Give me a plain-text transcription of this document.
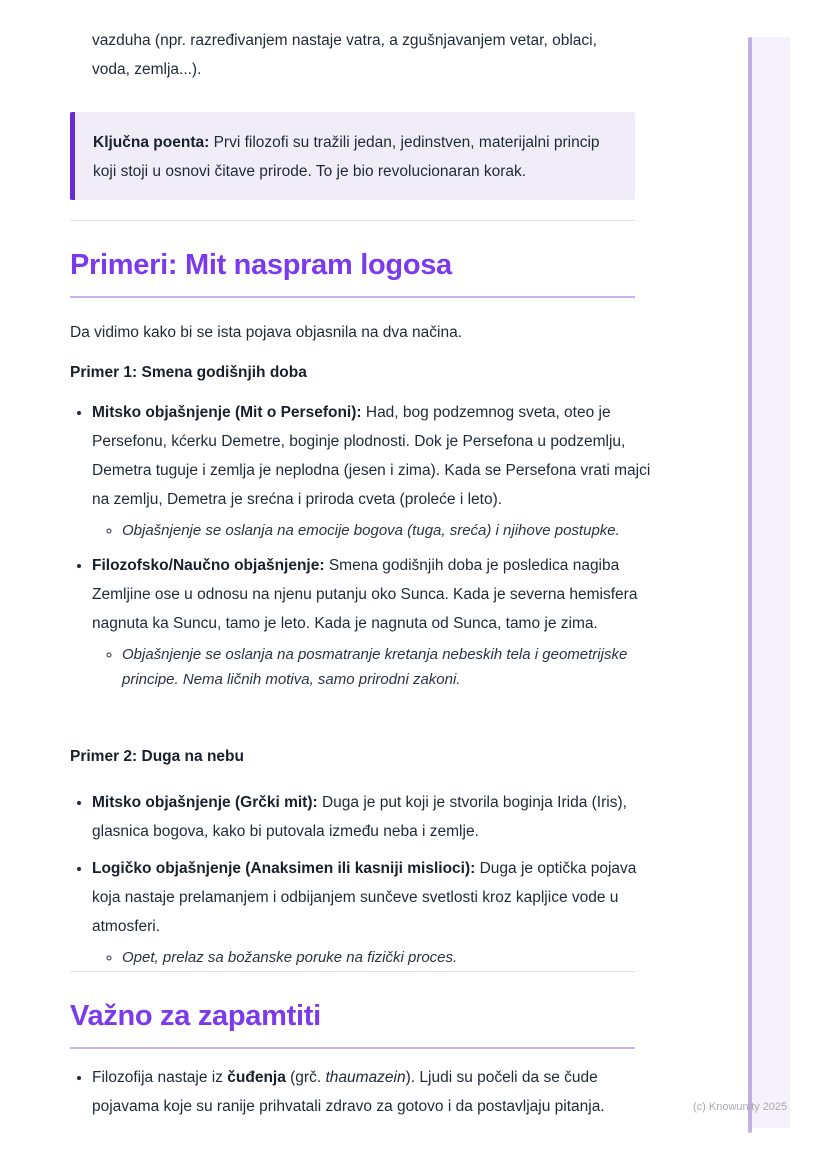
vazduha (npr. razređivanjem nastaje vatra, a zgušnjavanjem vetar, oblaci, voda, zemlja...).

Ključna poenta: Prvi filozofi su tražili jedan, jedinstven, materijalni princip koji stoji u osnovi čitave prirode. To je bio revolucionaran korak.

Primeri: Mit naspram logosa

Da vidimo kako bi se ista pojava objasnila na dva načina.

Primer 1: Smena godišnjih doba

• Mitsko objašnjenje (Mit o Persefoni): Had, bog podzemnog sveta, oteo je Persefonu, kćerku Demetre, boginje plodnosti. Dok je Persefona u podzemlju, Demetra tuguje i zemlja je neplodna (jesen i zima). Kada se Persefona vrati majci na zemlju, Demetra je srećna i priroda cveta (proleće i leto).
◦ Objašnjenje se oslanja na emocije bogova (tuga, sreća) i njihove postupke.
• Filozofsko/Naučno objašnjenje: Smena godišnjih doba je posledica nagiba Zemljine ose u odnosu na njenu putanju oko Sunca. Kada je severna hemisfera nagnuta ka Suncu, tamo je leto. Kada je nagnuta od Sunca, tamo je zima.
◦ Objašnjenje se oslanja na posmatranje kretanja nebeskih tela i geometrijske principe. Nema ličnih motiva, samo prirodni zakoni.

Primer 2: Duga na nebu

• Mitsko objašnjenje (Grčki mit): Duga je put koji je stvorila boginja Irida (Iris), glasnica bogova, kako bi putovala između neba i zemlje.
• Logičko objašnjenje (Anaksimen ili kasniji mislioci): Duga je optička pojava koja nastaje prelamanjem i odbijanjem sunčeve svetlosti kroz kapljice vode u atmosferi.
◦ Opet, prelaz sa božanske poruke na fizički proces.
Važno za zapamtiti
• Filozofija nastaje iz čuđenja (grč. thaumazein). Ljudi su počeli da se čude pojavama koje su ranije prihvatali zdravo za gotovo i da postavljaju pitanja.	(c) Knowunity 2025
